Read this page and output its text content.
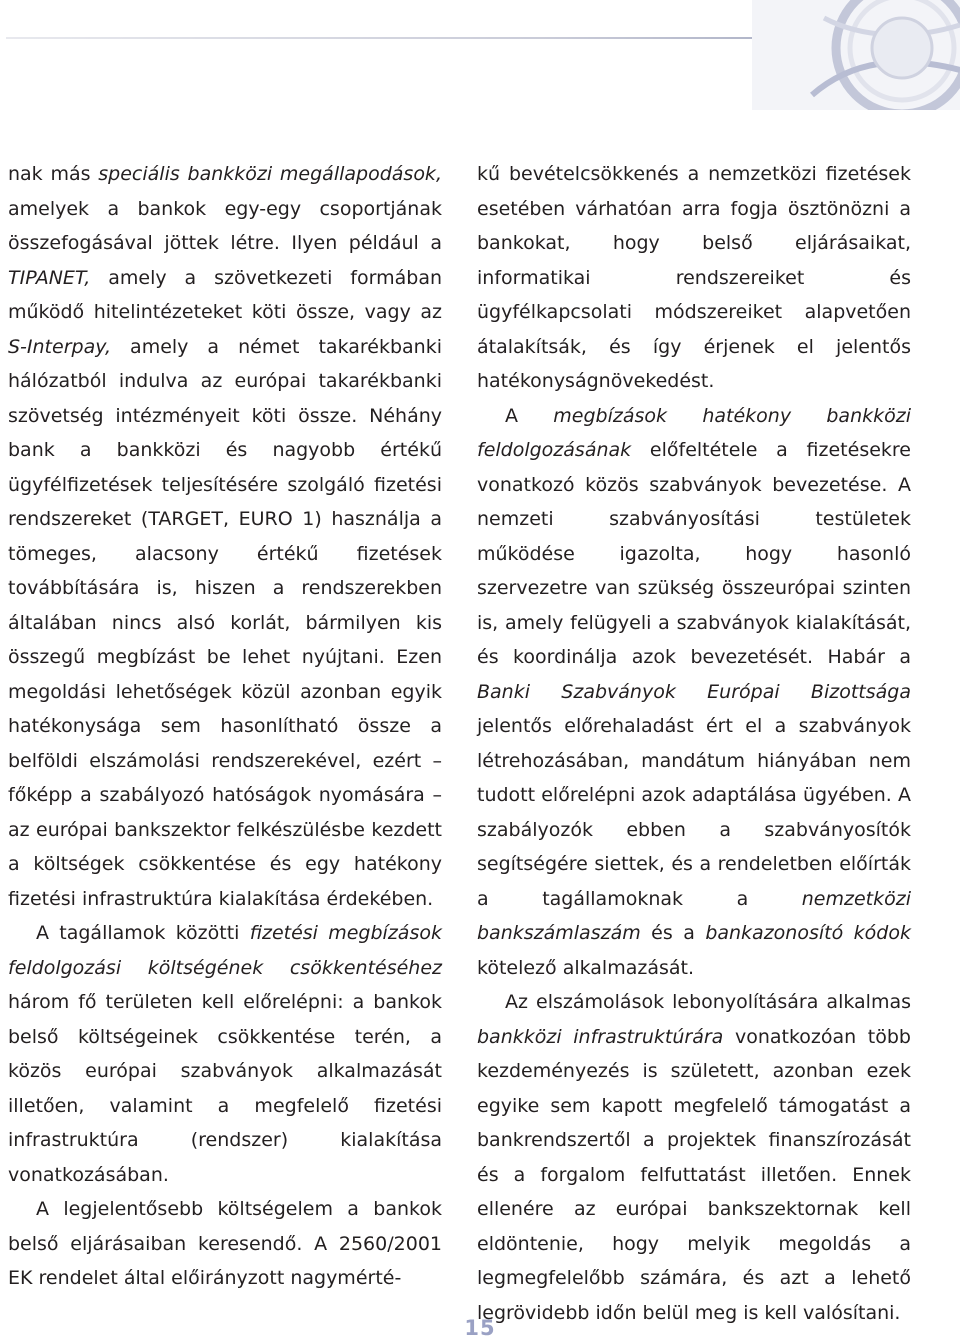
nak más speciális bankközi megállapodások, amelyek a bankok egy-egy csoportjának összefogásával jöttek létre. Ilyen például a TIPANET, amely a szövetkezeti formában működő hitelintézeteket köti össze, vagy az S-Interpay, amely a német takarékbanki hálózatból indulva az európai takarékbanki szövetség intézményeit köti össze. Néhány bank a bankközi és nagyobb értékű ügyfélfizetések teljesítésére szolgáló fizetési rendszereket (TARGET, EURO 1) használja a tömeges, alacsony értékű fizetések továbbítására is, hiszen a rendszerekben általában nincs alsó korlát, bármilyen kis összegű megbízást be lehet nyújtani. Ezen megoldási lehetőségek közül azonban egyik hatékonysága sem hasonlítható össze a belföldi elszámolási rendszerekével, ezért – főképp a szabályozó hatóságok nyomására – az európai bankszektor felkészülésbe kezdett a költségek csökkentése és egy hatékony fizetési infrastruktúra kialakítása érdekében.

A tagállamok közötti fizetési megbízások feldolgozási költségének csökkentéséhez három fő területen kell előrelépni: a bankok belső költségeinek csökkentése terén, a közös európai szabványok alkalmazását illetően, valamint a megfelelő fizetési infrastruktúra (rendszer) kialakítása vonatkozásában.

A legjelentősebb költségelem a bankok belső eljárásaiban keresendő. A 2560/2001 EK rendelet által előirányzott nagymérté-

kű bevételcsökkenés a nemzetközi fizetések esetében várhatóan arra fogja ösztönözni a bankokat, hogy belső eljárásaikat, informatikai rendszereiket és ügyfélkapcsolati módszereiket alapvetően átalakítsák, és így érjenek el jelentős hatékonyságnövekedést.

A megbízások hatékony bankközi feldolgozásának előfeltétele a fizetésekre vonatkozó közös szabványok bevezetése. A nemzeti szabványosítási testületek működése igazolta, hogy hasonló szervezetre van szükség összeurópai szinten is, amely felügyeli a szabványok kialakítását, és koordinálja azok bevezetését. Habár a Banki Szabványok Európai Bizottsága jelentős előrehaladást ért el a szabványok létrehozásában, mandátum hiányában nem tudott előrelépni azok adaptálása ügyében. A szabályozók ebben a szabványosítók segítségére siettek, és a rendeletben előírták a tagállamoknak a nemzetközi bankszámlaszám és a bankazonosító kódok kötelező alkalmazását.

Az elszámolások lebonyolítására alkalmas bankközi infrastruktúrára vonatkozóan több kezdeményezés is született, azonban ezek egyike sem kapott megfelelő támogatást a bankrendszertől a projektek finanszírozását és a forgalom felfuttatást illetően. Ennek ellenére az európai bankszektornak kell eldöntenie, hogy melyik megoldás a legmegfelelőbb számára, és azt a lehető legrövidebb időn belül meg is kell valósítani.

15
